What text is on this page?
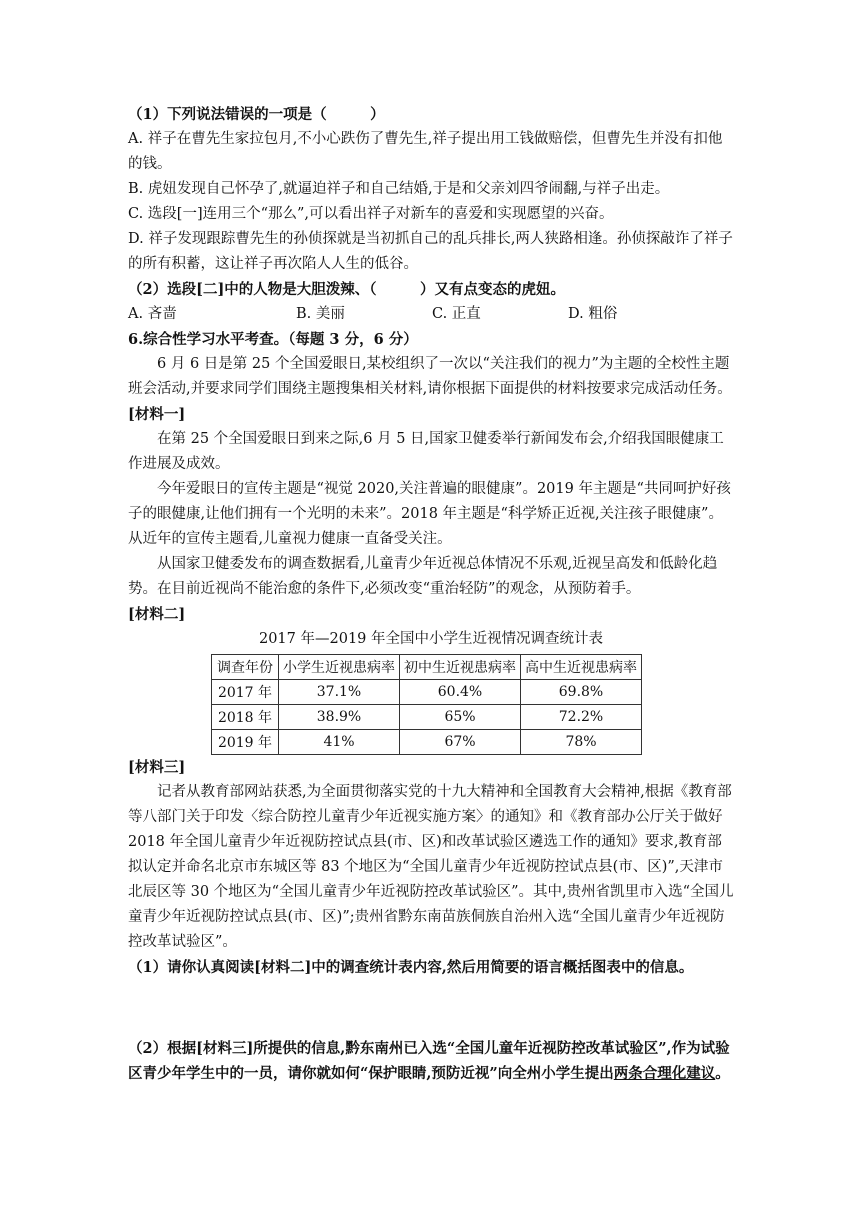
（1）下列说法错误的一项是（　　　）
A. 祥子在曹先生家拉包月,不小心跌伤了曹先生,祥子提出用工钱做赔偿，但曹先生并没有扣他的钱。
B. 虎妞发现自己怀孕了,就逼迫祥子和自己结婚,于是和父亲刘四爷闹翻,与祥子出走。
C. 选段[一]连用三个“那么”,可以看出祥子对新车的喜爱和实现愿望的兴奋。
D. 祥子发现跟踪曹先生的孙侦探就是当初抓自己的乱兵排长,两人狭路相逢。孙侦探敲诈了祥子的所有积蓄，这让祥子再次陷人人生的低谷。
（2）选段[二]中的人物是大胆泼辣、（　　　）又有点变态的虎妞。
A. 吝啬	B. 美丽	C. 正直	D. 粗俗
6.综合性学习水平考查。（每题 3 分，6 分）
6 月 6 日是第 25 个全国爱眼日,某校组织了一次以“关注我们的视力”为主题的全校性主题班会活动,并要求同学们围绕主题搜集相关材料,请你根据下面提供的材料按要求完成活动任务。
[材料一]
在第 25 个全国爱眼日到来之际,6 月 5 日,国家卫健委举行新闻发布会,介绍我国眼健康工作进展及成效。
今年爱眼日的宣传主题是“视觉 2020,关注普遍的眼健康”。2019 年主题是“共同呵护好孩子的眼健康,让他们拥有一个光明的未来”。2018 年主题是“科学矫正近视,关注孩子眼健康”。从近年的宣传主题看,儿童视力健康一直备受关注。
从国家卫健委发布的调查数据看,儿童青少年近视总体情况不乐观,近视呈高发和低龄化趋势。在目前近视尚不能治愈的条件下,必须改变“重治轻防”的观念，从预防着手。
[材料二]
2017 年—2019 年全国中小学生近视情况调查统计表
调查年份	小学生近视患病率	初中生近视患病率	高中生近视患病率
2017 年	37.1%	60.4%	69.8%
2018 年	38.9%	65%	72.2%
2019 年	41%	67%	78%
[材料三]
记者从教育部网站获悉,为全面贯彻落实党的十九大精神和全国教育大会精神,根据《教育部等八部门关于印发〈综合防控儿童青少年近视实施方案〉的通知》和《教育部办公厅关于做好 2018 年全国儿童青少年近视防控试点县(市、区)和改革试验区遴选工作的通知》要求,教育部拟认定并命名北京市东城区等 83 个地区为“全国儿童青少年近视防控试点县(市、区)”,天津市北辰区等 30 个地区为“全国儿童青少年近视防控改革试验区”。其中,贵州省凯里市入选“全国儿童青少年近视防控试点县(市、区)”;贵州省黔东南苗族侗族自治州入选“全国儿童青少年近视防控改革试验区”。
（1）请你认真阅读[材料二]中的调查统计表内容,然后用简要的语言概括图表中的信息。
（2）根据[材料三]所提供的信息,黔东南州已入选“全国儿童年近视防控改革试验区”,作为试验区青少年学生中的一员，请你就如何“保护眼睛,预防近视”向全州小学生提出两条合理化建议。
